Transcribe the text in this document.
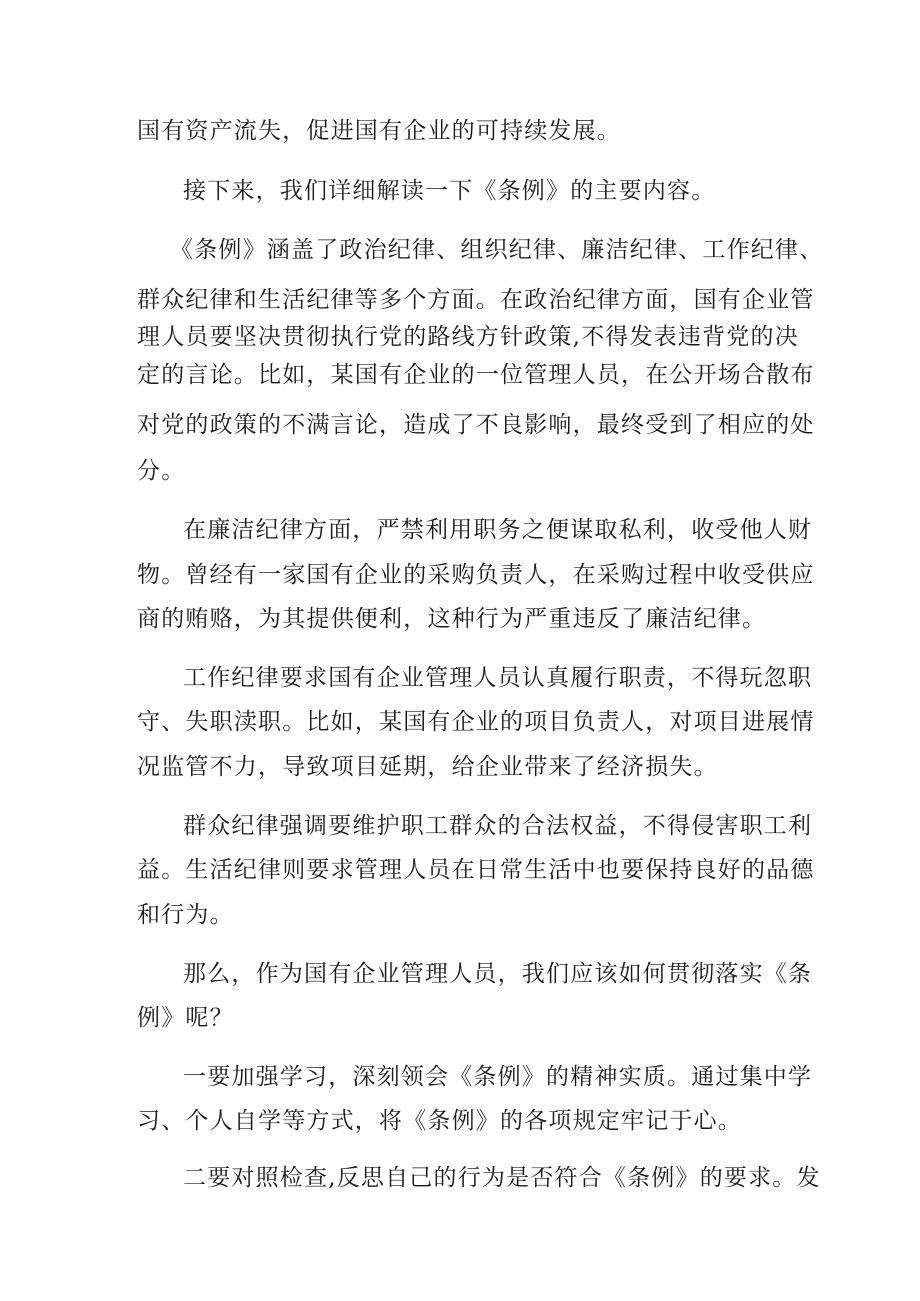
国有资产流失，促进国有企业的可持续发展。
接下来，我们详细解读一下《条例》的主要内容。
《条例》涵盖了政治纪律、组织纪律、廉洁纪律、工作纪律、
群众纪律和生活纪律等多个方面。在政治纪律方面，国有企业管
理人员要坚决贯彻执行党的路线方针政策,不得发表违背党的决
定的言论。比如，某国有企业的一位管理人员，在公开场合散布
对党的政策的不满言论，造成了不良影响，最终受到了相应的处
分。
在廉洁纪律方面，严禁利用职务之便谋取私利，收受他人财
物。曾经有一家国有企业的采购负责人，在采购过程中收受供应
商的贿赂，为其提供便利，这种行为严重违反了廉洁纪律。
工作纪律要求国有企业管理人员认真履行职责，不得玩忽职
守、失职渎职。比如，某国有企业的项目负责人，对项目进展情
况监管不力，导致项目延期，给企业带来了经济损失。
群众纪律强调要维护职工群众的合法权益，不得侵害职工利
益。生活纪律则要求管理人员在日常生活中也要保持良好的品德
和行为。
那么，作为国有企业管理人员，我们应该如何贯彻落实《条
例》呢？
一要加强学习，深刻领会《条例》的精神实质。通过集中学
习、个人自学等方式，将《条例》的各项规定牢记于心。
二要对照检查,反思自己的行为是否符合《条例》的要求。发
